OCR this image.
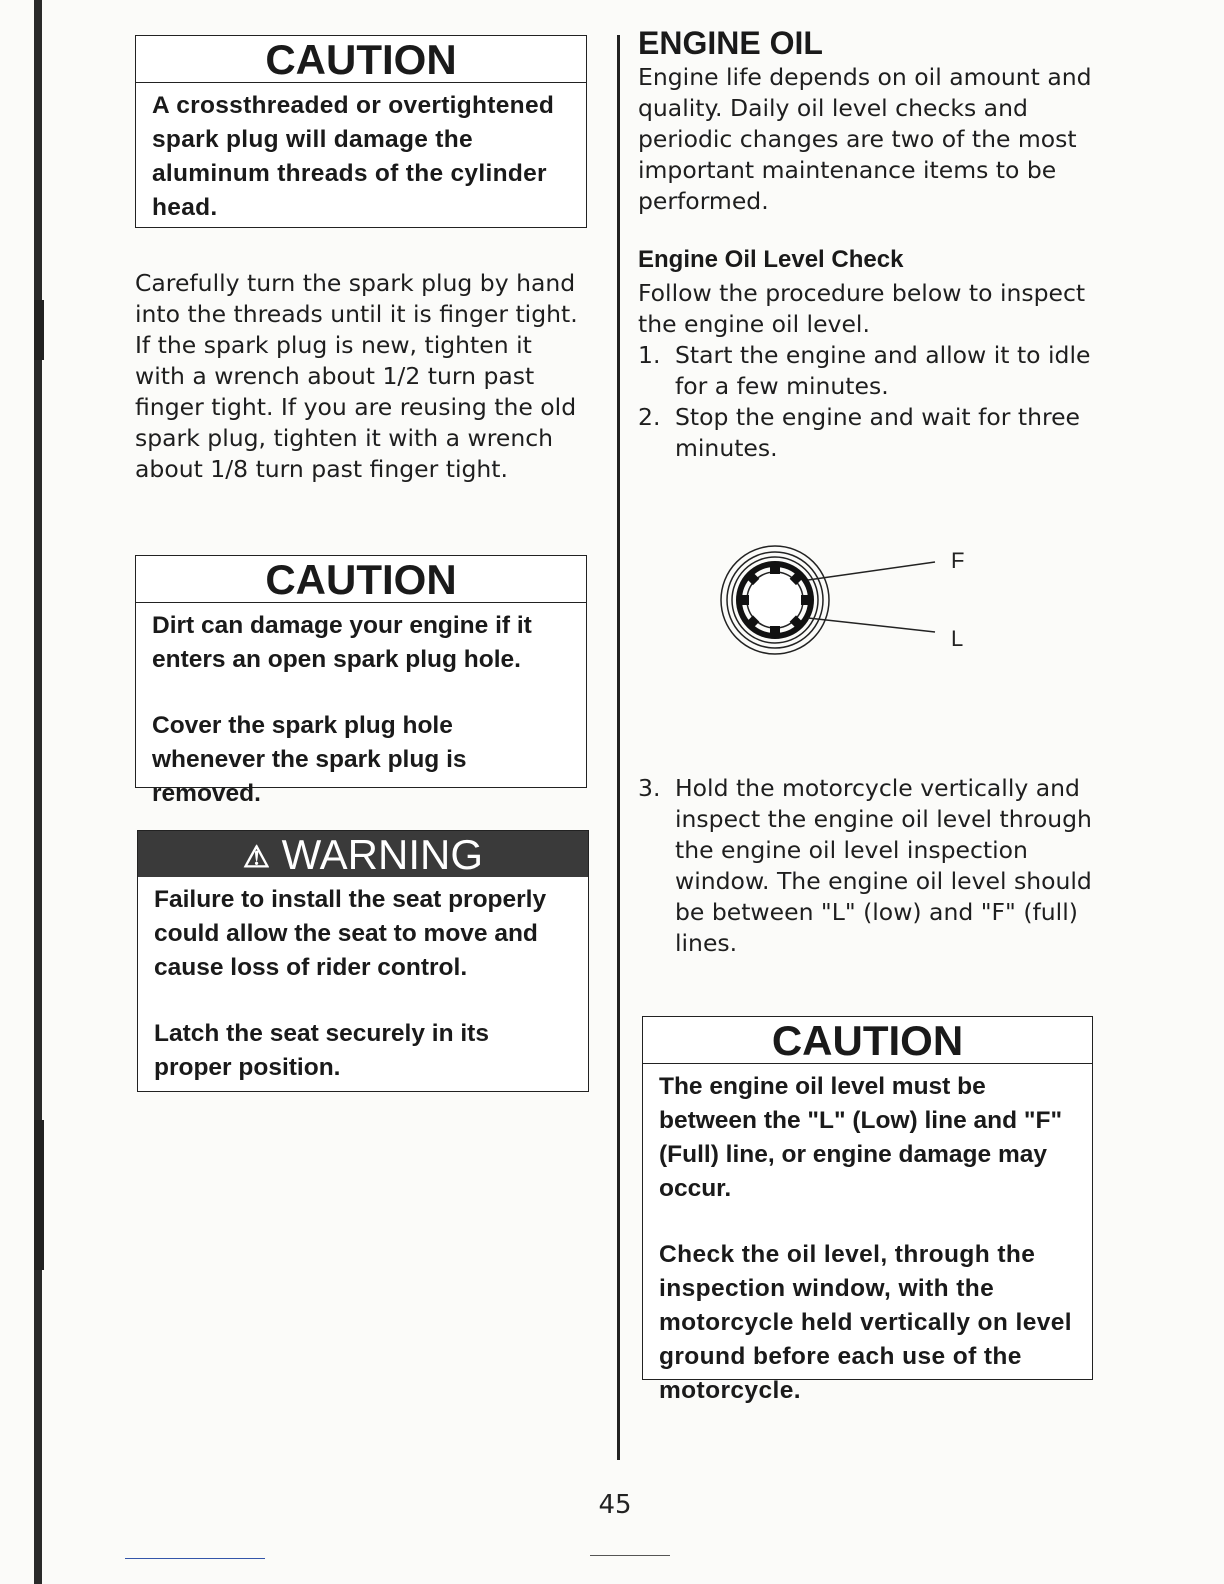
CAUTION

A crossthreaded or overtightened spark plug will damage the aluminum threads of the cylinder head.

Carefully turn the spark plug by hand into the threads until it is finger tight. If the spark plug is new, tighten it with a wrench about 1/2 turn past finger tight. If you are reusing the old spark plug, tighten it with a wrench about 1/8 turn past finger tight.

CAUTION

Dirt can damage your engine if it enters an open spark plug hole.

Cover the spark plug hole whenever the spark plug is removed.

⚠ WARNING

Failure to install the seat properly could allow the seat to move and cause loss of rider control.

Latch the seat securely in its proper position.

ENGINE OIL

Engine life depends on oil amount and quality. Daily oil level checks and periodic changes are two of the most important maintenance items to be performed.

Engine Oil Level Check

Follow the procedure below to inspect the engine oil level.

1. Start the engine and allow it to idle for a few minutes.
2. Stop the engine and wait for three minutes.
F
L
3. Hold the motorcycle vertically and inspect the engine oil level through the engine oil level inspection window. The engine oil level should be between "L" (low) and "F" (full) lines.
CAUTION

The engine oil level must be between the "L" (Low) line and "F" (Full) line, or engine damage may occur.

Check the oil level, through the inspection window, with the motorcycle held vertically on level ground before each use of the motorcycle.

45
